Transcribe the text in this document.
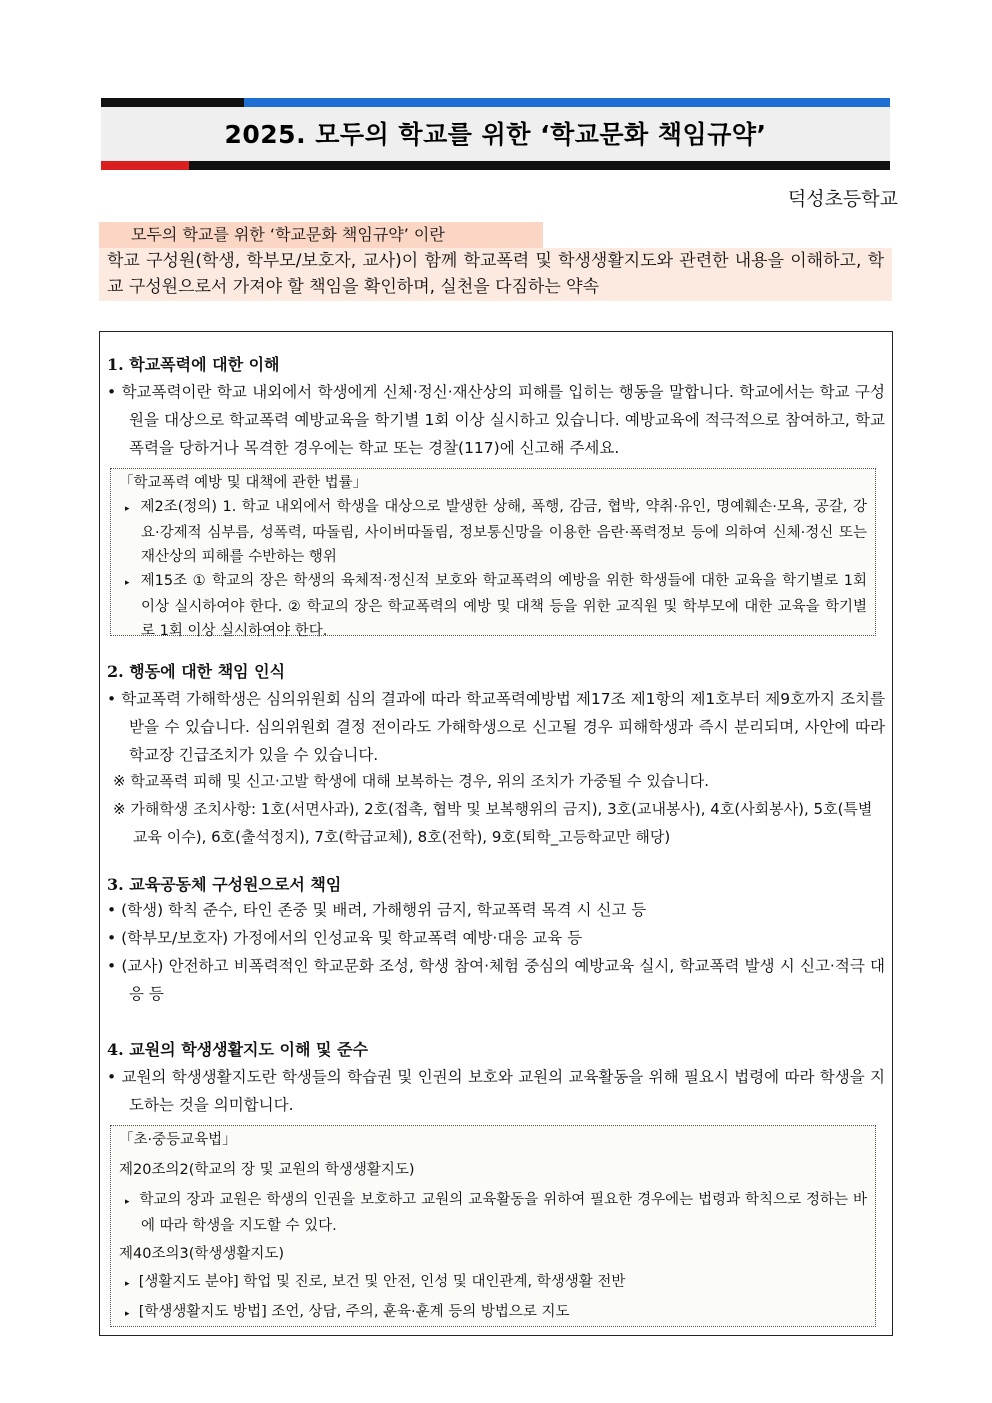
2025. 모두의 학교를 위한 ‘학교문화 책임규약’
덕성초등학교
모두의 학교를 위한 ‘학교문화 책임규약’ 이란
학교 구성원(학생, 학부모/보호자, 교사)이 함께 학교폭력 및 학생생활지도와 관련한 내용을 이해하고, 학교 구성원으로서 가져야 할 책임을 확인하며, 실천을 다짐하는 약속
1. 학교폭력에 대한 이해
• 학교폭력이란 학교 내외에서 학생에게 신체·정신·재산상의 피해를 입히는 행동을 말합니다. 학교에서는 학교 구성원을 대상으로 학교폭력 예방교육을 학기별 1회 이상 실시하고 있습니다. 예방교육에 적극적으로 참여하고, 학교폭력을 당하거나 목격한 경우에는 학교 또는 경찰(117)에 신고해 주세요.
「학교폭력 예방 및 대책에 관한 법률」
▸ 제2조(정의) 1. 학교 내외에서 학생을 대상으로 발생한 상해, 폭행, 감금, 협박, 약취·유인, 명예훼손·모욕, 공갈, 강요·강제적 심부름, 성폭력, 따돌림, 사이버따돌림, 정보통신망을 이용한 음란·폭력정보 등에 의하여 신체·정신 또는 재산상의 피해를 수반하는 행위
▸ 제15조 ① 학교의 장은 학생의 육체적·정신적 보호와 학교폭력의 예방을 위한 학생들에 대한 교육을 학기별로 1회 이상 실시하여야 한다. ② 학교의 장은 학교폭력의 예방 및 대책 등을 위한 교직원 및 학부모에 대한 교육을 학기별로 1회 이상 실시하여야 한다.
2. 행동에 대한 책임 인식
• 학교폭력 가해학생은 심의위원회 심의 결과에 따라 학교폭력예방법 제17조 제1항의 제1호부터 제9호까지 조치를 받을 수 있습니다. 심의위원회 결정 전이라도 가해학생으로 신고될 경우 피해학생과 즉시 분리되며, 사안에 따라 학교장 긴급조치가 있을 수 있습니다.
※ 학교폭력 피해 및 신고·고발 학생에 대해 보복하는 경우, 위의 조치가 가중될 수 있습니다.
※ 가해학생 조치사항: 1호(서면사과), 2호(접촉, 협박 및 보복행위의 금지), 3호(교내봉사), 4호(사회봉사), 5호(특별교육 이수), 6호(출석정지), 7호(학급교체), 8호(전학), 9호(퇴학_고등학교만 해당)
3. 교육공동체 구성원으로서 책임
• (학생) 학칙 준수, 타인 존중 및 배려, 가해행위 금지, 학교폭력 목격 시 신고 등
• (학부모/보호자) 가정에서의 인성교육 및 학교폭력 예방·대응 교육 등
• (교사) 안전하고 비폭력적인 학교문화 조성, 학생 참여·체험 중심의 예방교육 실시, 학교폭력 발생 시 신고·적극 대응 등
4. 교원의 학생생활지도 이해 및 준수
• 교원의 학생생활지도란 학생들의 학습권 및 인권의 보호와 교원의 교육활동을 위해 필요시 법령에 따라 학생을 지도하는 것을 의미합니다.
「초·중등교육법」
제20조의2(학교의 장 및 교원의 학생생활지도)
▸ 학교의 장과 교원은 학생의 인권을 보호하고 교원의 교육활동을 위하여 필요한 경우에는 법령과 학칙으로 정하는 바에 따라 학생을 지도할 수 있다.
제40조의3(학생생활지도)
▸ [생활지도 분야] 학업 및 진로, 보건 및 안전, 인성 및 대인관계, 학생생활 전반
▸ [학생생활지도 방법] 조언, 상담, 주의, 훈육·훈계 등의 방법으로 지도
